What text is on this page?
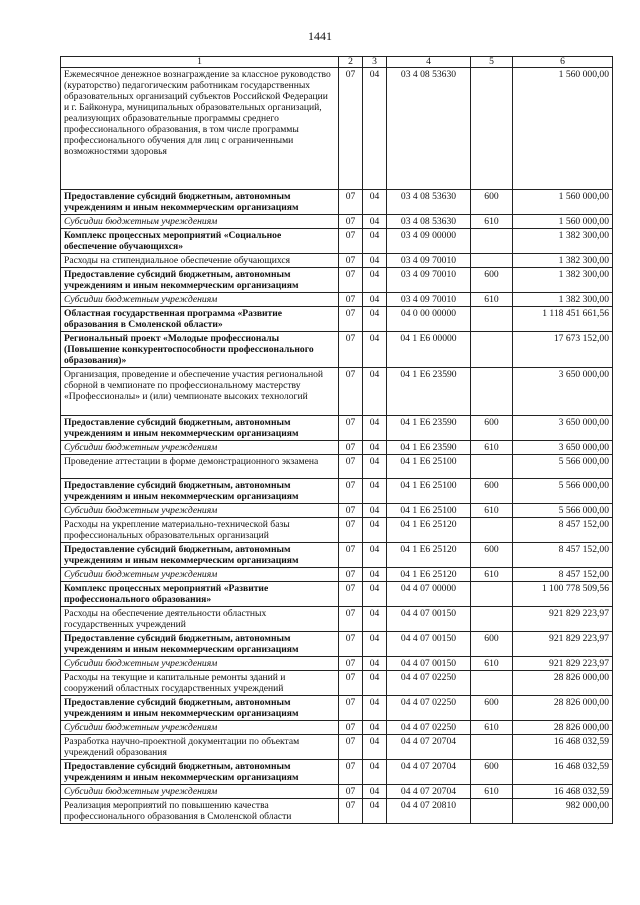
1441
1	2	3	4	5	6
Ежемесячное денежное вознаграждение за классное руководство (кураторство) педагогическим работникам государственных образовательных организаций субъектов Российской Федерации и г. Байконура, муниципальных образовательных организаций, реализующих образовательные программы среднего профессионального образования, в том числе программы профессионального обучения для лиц с ограниченными возможностями здоровья	07	04	03 4 08 53630		1 560 000,00
Предоставление субсидий бюджетным, автономным учреждениям и иным некоммерческим организациям	07	04	03 4 08 53630	600	1 560 000,00
Субсидии бюджетным учреждениям	07	04	03 4 08 53630	610	1 560 000,00
Комплекс процессных мероприятий «Социальное обеспечение обучающихся»	07	04	03 4 09 00000		1 382 300,00
Расходы на стипендиальное обеспечение обучающихся	07	04	03 4 09 70010		1 382 300,00
Предоставление субсидий бюджетным, автономным учреждениям и иным некоммерческим организациям	07	04	03 4 09 70010	600	1 382 300,00
Субсидии бюджетным учреждениям	07	04	03 4 09 70010	610	1 382 300,00
Областная государственная программа «Развитие образования в Смоленской области»	07	04	04 0 00 00000		1 118 451 661,56
Региональный проект «Молодые профессионалы (Повышение конкурентоспособности профессионального образования)»	07	04	04 1 Е6 00000		17 673 152,00
Организация, проведение и обеспечение участия региональной сборной в чемпионате по профессиональному мастерству «Профессионалы» и (или) чемпионате высоких технологий	07	04	04 1 Е6 23590		3 650 000,00
Предоставление субсидий бюджетным, автономным учреждениям и иным некоммерческим организациям	07	04	04 1 Е6 23590	600	3 650 000,00
Субсидии бюджетным учреждениям	07	04	04 1 Е6 23590	610	3 650 000,00
Проведение аттестации в форме демонстрационного экзамена	07	04	04 1 Е6 25100		5 566 000,00
Предоставление субсидий бюджетным, автономным учреждениям и иным некоммерческим организациям	07	04	04 1 Е6 25100	600	5 566 000,00
Субсидии бюджетным учреждениям	07	04	04 1 Е6 25100	610	5 566 000,00
Расходы на укрепление материально-технической базы профессиональных образовательных организаций	07	04	04 1 Е6 25120		8 457 152,00
Предоставление субсидий бюджетным, автономным учреждениям и иным некоммерческим организациям	07	04	04 1 Е6 25120	600	8 457 152,00
Субсидии бюджетным учреждениям	07	04	04 1 Е6 25120	610	8 457 152,00
Комплекс процессных мероприятий «Развитие профессионального образования»	07	04	04 4 07 00000		1 100 778 509,56
Расходы на обеспечение деятельности областных государственных учреждений	07	04	04 4 07 00150		921 829 223,97
Предоставление субсидий бюджетным, автономным учреждениям и иным некоммерческим организациям	07	04	04 4 07 00150	600	921 829 223,97
Субсидии бюджетным учреждениям	07	04	04 4 07 00150	610	921 829 223,97
Расходы на текущие и капитальные ремонты зданий и сооружений областных государственных учреждений	07	04	04 4 07 02250		28 826 000,00
Предоставление субсидий бюджетным, автономным учреждениям и иным некоммерческим организациям	07	04	04 4 07 02250	600	28 826 000,00
Субсидии бюджетным учреждениям	07	04	04 4 07 02250	610	28 826 000,00
Разработка научно-проектной документации по объектам учреждений образования	07	04	04 4 07 20704		16 468 032,59
Предоставление субсидий бюджетным, автономным учреждениям и иным некоммерческим организациям	07	04	04 4 07 20704	600	16 468 032,59
Субсидии бюджетным учреждениям	07	04	04 4 07 20704	610	16 468 032,59
Реализация мероприятий по повышению качества профессионального образования в Смоленской области	07	04	04 4 07 20810		982 000,00
